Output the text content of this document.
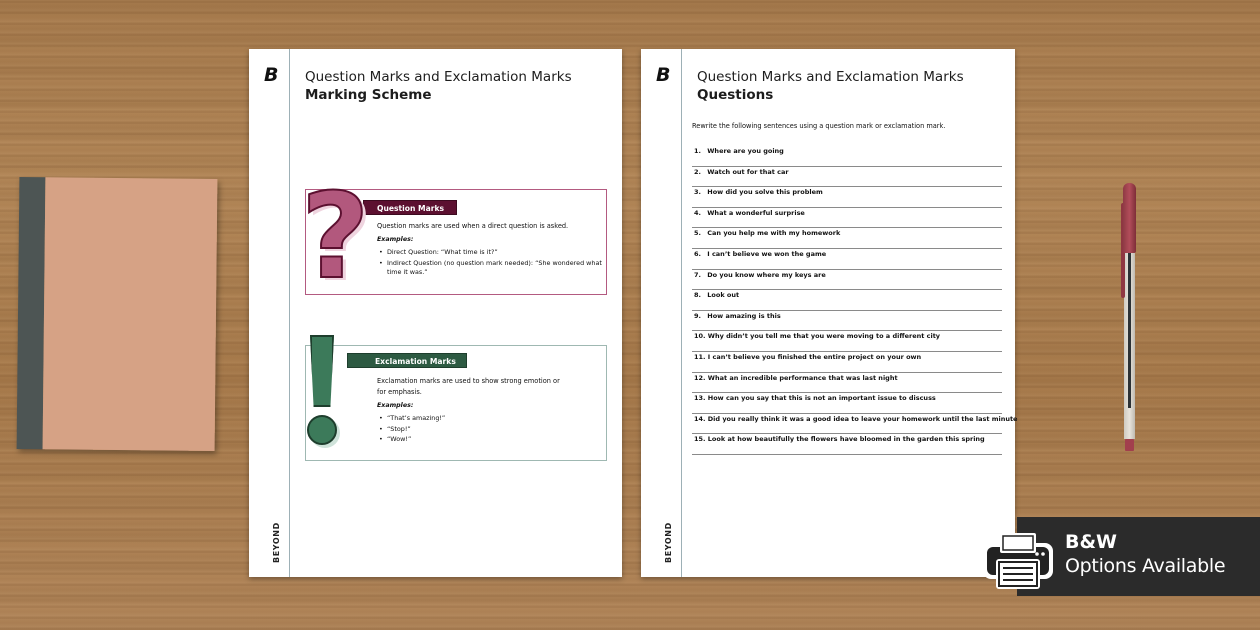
B
BEYOND
Question Marks and Exclamation Marks
Marking Scheme
Question Marks
Question marks are used when a direct question is asked.
Examples:
• Direct Question: “What time is it?”
• Indirect Question (no question mark needed): “She wondered what time it was.”
?
Exclamation Marks
Exclamation marks are used to show strong emotion or for emphasis.
Examples:
• “That’s amazing!”
• “Stop!”
• “Wow!”
B
BEYOND
Question Marks and Exclamation Marks
Questions
Rewrite the following sentences using a question mark or exclamation mark.
1. Where are you going
2. Watch out for that car
3. How did you solve this problem
4. What a wonderful surprise
5. Can you help me with my homework
6. I can’t believe we won the game
7. Do you know where my keys are
8. Look out
9. How amazing is this
10. Why didn’t you tell me that you were moving to a different city
11. I can’t believe you finished the entire project on your own
12. What an incredible performance that was last night
13. How can you say that this is not an important issue to discuss
14. Did you really think it was a good idea to leave your homework until the last minute
15. Look at how beautifully the flowers have bloomed in the garden this spring
B&W
Options Available
